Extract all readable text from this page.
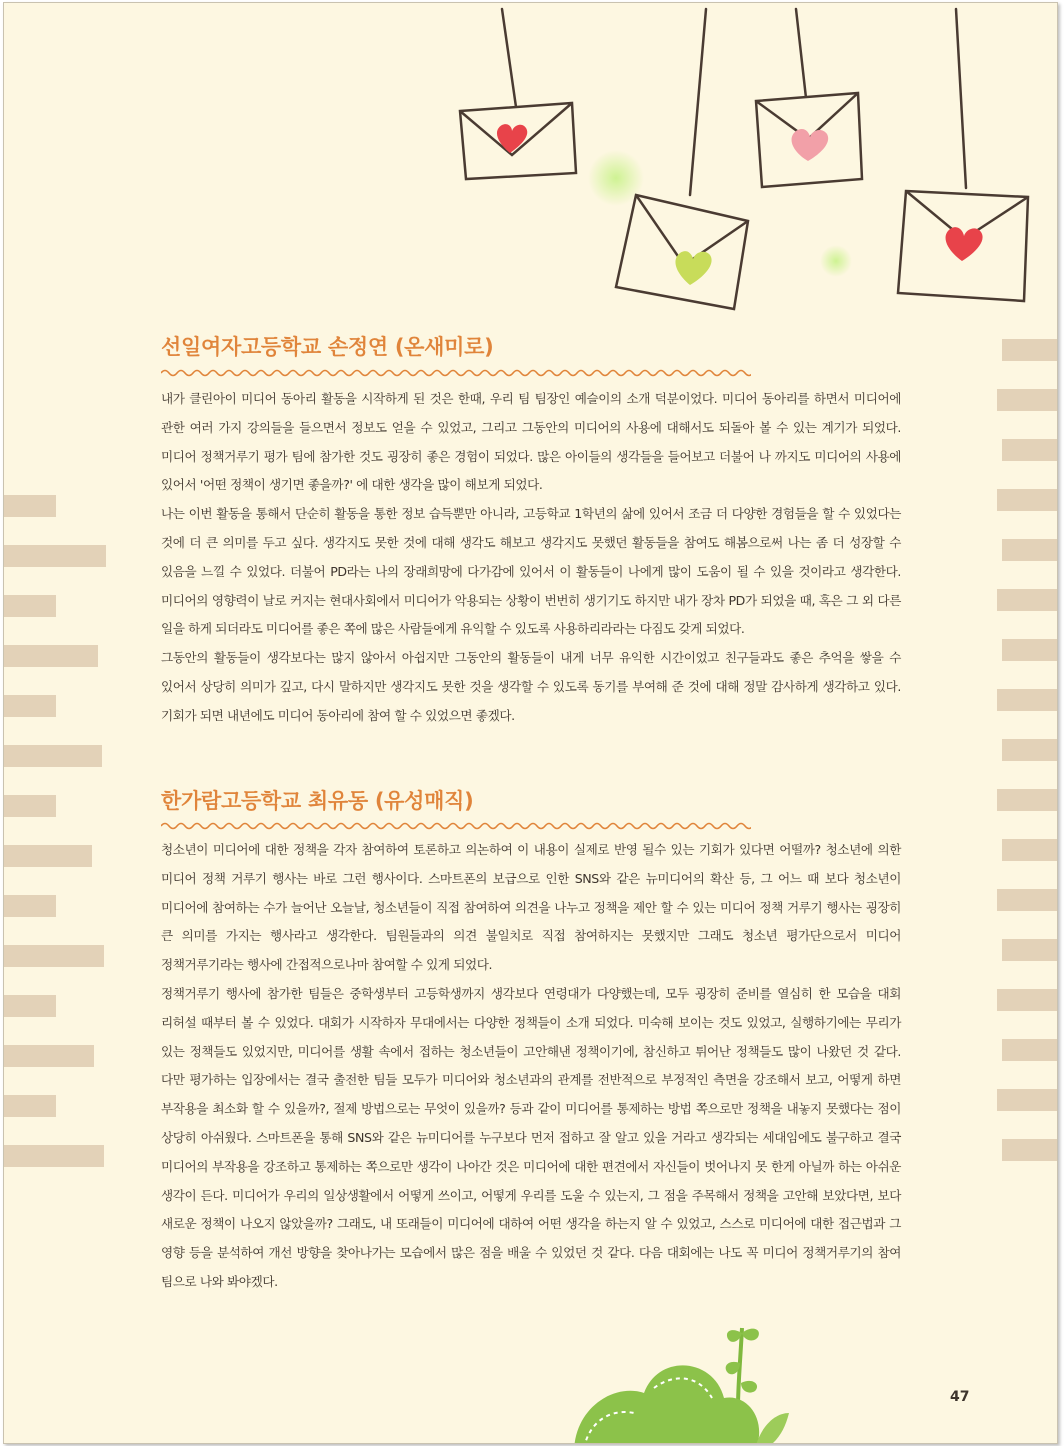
선일여자고등학교 손정연 (온새미로)

내가 클린아이 미디어 동아리 활동을 시작하게 된 것은 한때, 우리 팀 팀장인 예슬이의 소개 덕분이었다. 미디어 동아리를 하면서 미디어에 관한 여러 가지 강의들을 들으면서 정보도 얻을 수 있었고, 그리고 그동안의 미디어의 사용에 대해서도 되돌아 볼 수 있는 계기가 되었다. 미디어 정책거루기 평가 팀에 참가한 것도 굉장히 좋은 경험이 되었다. 많은 아이들의 생각들을 들어보고 더불어 나 까지도 미디어의 사용에 있어서 '어떤 정책이 생기면 좋을까?' 에 대한 생각을 많이 해보게 되었다.

나는 이번 활동을 통해서 단순히 활동을 통한 정보 습득뿐만 아니라, 고등학교 1학년의 삶에 있어서 조금 더 다양한 경험들을 할 수 있었다는 것에 더 큰 의미를 두고 싶다. 생각지도 못한 것에 대해 생각도 해보고 생각지도 못했던 활동들을 참여도 해봄으로써 나는 좀 더 성장할 수 있음을 느낄 수 있었다. 더불어 PD라는 나의 장래희망에 다가감에 있어서 이 활동들이 나에게 많이 도움이 될 수 있을 것이라고 생각한다. 미디어의 영향력이 날로 커지는 현대사회에서 미디어가 악용되는 상황이 번번히 생기기도 하지만 내가 장차 PD가 되었을 때, 혹은 그 외 다른 일을 하게 되더라도 미디어를 좋은 쪽에 많은 사람들에게 유익할 수 있도록 사용하리라라는 다짐도 갖게 되었다.

그동안의 활동들이 생각보다는 많지 않아서 아쉽지만 그동안의 활동들이 내게 너무 유익한 시간이었고 친구들과도 좋은 추억을 쌓을 수 있어서 상당히 의미가 깊고, 다시 말하지만 생각지도 못한 것을 생각할 수 있도록 동기를 부여해 준 것에 대해 정말 감사하게 생각하고 있다. 기회가 되면 내년에도 미디어 동아리에 참여 할 수 있었으면 좋겠다.

한가람고등학교 최유동 (유성매직)

청소년이 미디어에 대한 정책을 각자 참여하여 토론하고 의논하여 이 내용이 실제로 반영 될수 있는 기회가 있다면 어떨까? 청소년에 의한 미디어 정책 거루기 행사는 바로 그런 행사이다. 스마트폰의 보급으로 인한 SNS와 같은 뉴미디어의 확산 등, 그 어느 때 보다 청소년이 미디어에 참여하는 수가 늘어난 오늘날, 청소년들이 직접 참여하여 의견을 나누고 정책을 제안 할 수 있는 미디어 정책 거루기 행사는 굉장히 큰 의미를 가지는 행사라고 생각한다. 팀원들과의 의견 불일치로 직접 참여하지는 못했지만 그래도 청소년 평가단으로서 미디어 정책거루기라는 행사에 간접적으로나마 참여할 수 있게 되었다.

정책거루기 행사에 참가한 팀들은 중학생부터 고등학생까지 생각보다 연령대가 다양했는데, 모두 굉장히 준비를 열심히 한 모습을 대회 리허설 때부터 볼 수 있었다. 대회가 시작하자 무대에서는 다양한 정책들이 소개 되었다. 미숙해 보이는 것도 있었고, 실행하기에는 무리가 있는 정책들도 있었지만, 미디어를 생활 속에서 접하는 청소년들이 고안해낸 정책이기에, 참신하고 튀어난 정책들도 많이 나왔던 것 같다. 다만 평가하는 입장에서는 결국 출전한 팀들 모두가 미디어와 청소년과의 관계를 전반적으로 부정적인 측면을 강조해서 보고, 어떻게 하면 부작용을 최소화 할 수 있을까?, 절제 방법으로는 무엇이 있을까? 등과 같이 미디어를 통제하는 방법 쪽으로만 정책을 내놓지 못했다는 점이 상당히 아쉬웠다. 스마트폰을 통해 SNS와 같은 뉴미디어를 누구보다 먼저 접하고 잘 알고 있을 거라고 생각되는 세대임에도 불구하고 결국 미디어의 부작용을 강조하고 통제하는 쪽으로만 생각이 나아간 것은 미디어에 대한 편견에서 자신들이 벗어나지 못 한게 아닐까 하는 아쉬운 생각이 든다. 미디어가 우리의 일상생활에서 어떻게 쓰이고, 어떻게 우리를 도울 수 있는지, 그 점을 주목해서 정책을 고안해 보았다면, 보다 새로운 정책이 나오지 않았을까? 그래도, 내 또래들이 미디어에 대하여 어떤 생각을 하는지 알 수 있었고, 스스로 미디어에 대한 접근법과 그 영향 등을 분석하여 개선 방향을 찾아나가는 모습에서 많은 점을 배울 수 있었던 것 같다. 다음 대회에는 나도 꼭 미디어 정책거루기의 참여 팀으로 나와 봐야겠다.

47
